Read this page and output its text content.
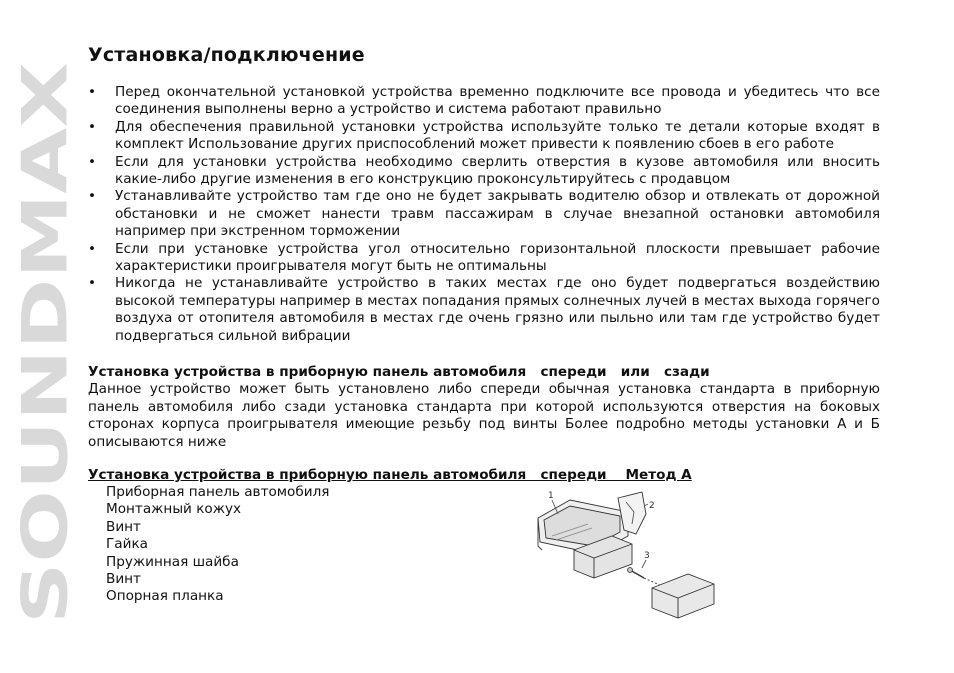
SOUNDMAX
Установка/подключение
• Перед окончательной установкой устройства временно подключите все провода и убедитесь что все соединения выполнены верно а устройство и система работают правильно
• Для обеспечения правильной установки устройства используйте только те детали которые входят в комплект Использование других приспособлений может привести к появлению сбоев в его работе
• Если для установки устройства необходимо сверлить отверстия в кузове автомобиля или вносить какие-либо другие изменения в его конструкцию проконсультируйтесь с продавцом
• Устанавливайте устройство там где оно не будет закрывать водителю обзор и отвлекать от дорожной обстановки и не сможет нанести травм пассажирам в случае внезапной остановки автомобиля например при экстренном торможении
• Если при установке устройства угол относительно горизонтальной плоскости превышает рабочие характеристики проигрывателя могут быть не оптимальны
• Никогда не устанавливайте устройство в таких местах где оно будет подвергаться воздействию высокой температуры например в местах попадания прямых солнечных лучей в местах выхода горячего воздуха от отопителя автомобиля в местах где очень грязно или пыльно или там где устройство будет подвергаться сильной вибрации
Установка устройства в приборную панель автомобиля   спереди   или   сзади
Данное устройство может быть установлено либо спереди обычная установка стандарта в приборную панель автомобиля либо сзади установка стандарта при которой используются отверстия на боковых сторонах корпуса проигрывателя имеющие резьбу под винты Более подробно методы установки А и Б описываются ниже
Установка устройства в приборную панель автомобиля   спереди    Метод А
Приборная панель автомобиля
Монтажный кожух
Винт
Гайка
Пружинная шайба
Винт
Опорная планка
1
2
3
